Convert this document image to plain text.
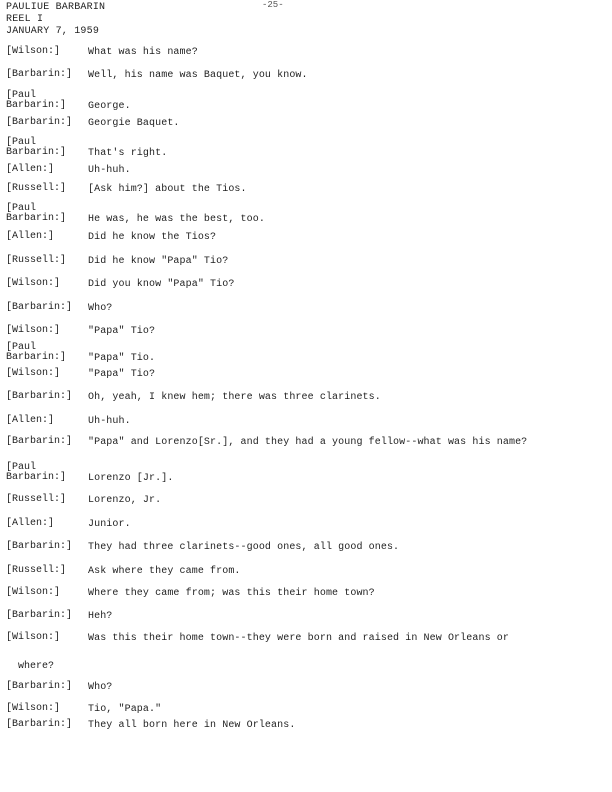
PAULIUE BARBARIN	-25-
REEL I
JANUARY 7, 1959
[Wilson:]	What was his name?
[Barbarin:]	Well, his name was Baquet, you know.
[Paul
Barbarin:]	George.
[Barbarin:]	Georgie Baquet.
[Paul
Barbarin:]	That's right.
[Allen:]	Uh-huh.
[Russell:]	[Ask him?] about the Tios.
[Paul
Barbarin:]	He was, he was the best, too.
[Allen:]	Did he know the Tios?
[Russell:]	Did he know "Papa" Tio?
[Wilson:]	Did you know "Papa" Tio?
[Barbarin:]	Who?
[Wilson:]	"Papa" Tio?
[Paul
Barbarin:]	"Papa" Tio.
[Wilson:]	"Papa" Tio?
[Barbarin:]	Oh, yeah, I knew hem; there was three clarinets.
[Allen:]	Uh-huh.
[Barbarin:]	"Papa" and Lorenzo[Sr.], and they had a young fellow--what was his name?
[Paul
Barbarin:]	Lorenzo [Jr.].
[Russell:]	Lorenzo, Jr.
[Allen:]	Junior.
[Barbarin:]	They had three clarinets--good ones, all good ones.
[Russell:]	Ask where they came from.
[Wilson:]	Where they came from; was this their home town?
[Barbarin:]	Heh?
[Wilson:]	Was this their home town--they were born and raised in New Orleans or
where?
[Barbarin:]	Who?
[Wilson:]	Tio, "Papa."
[Barbarin:]	They all born here in New Orleans.
